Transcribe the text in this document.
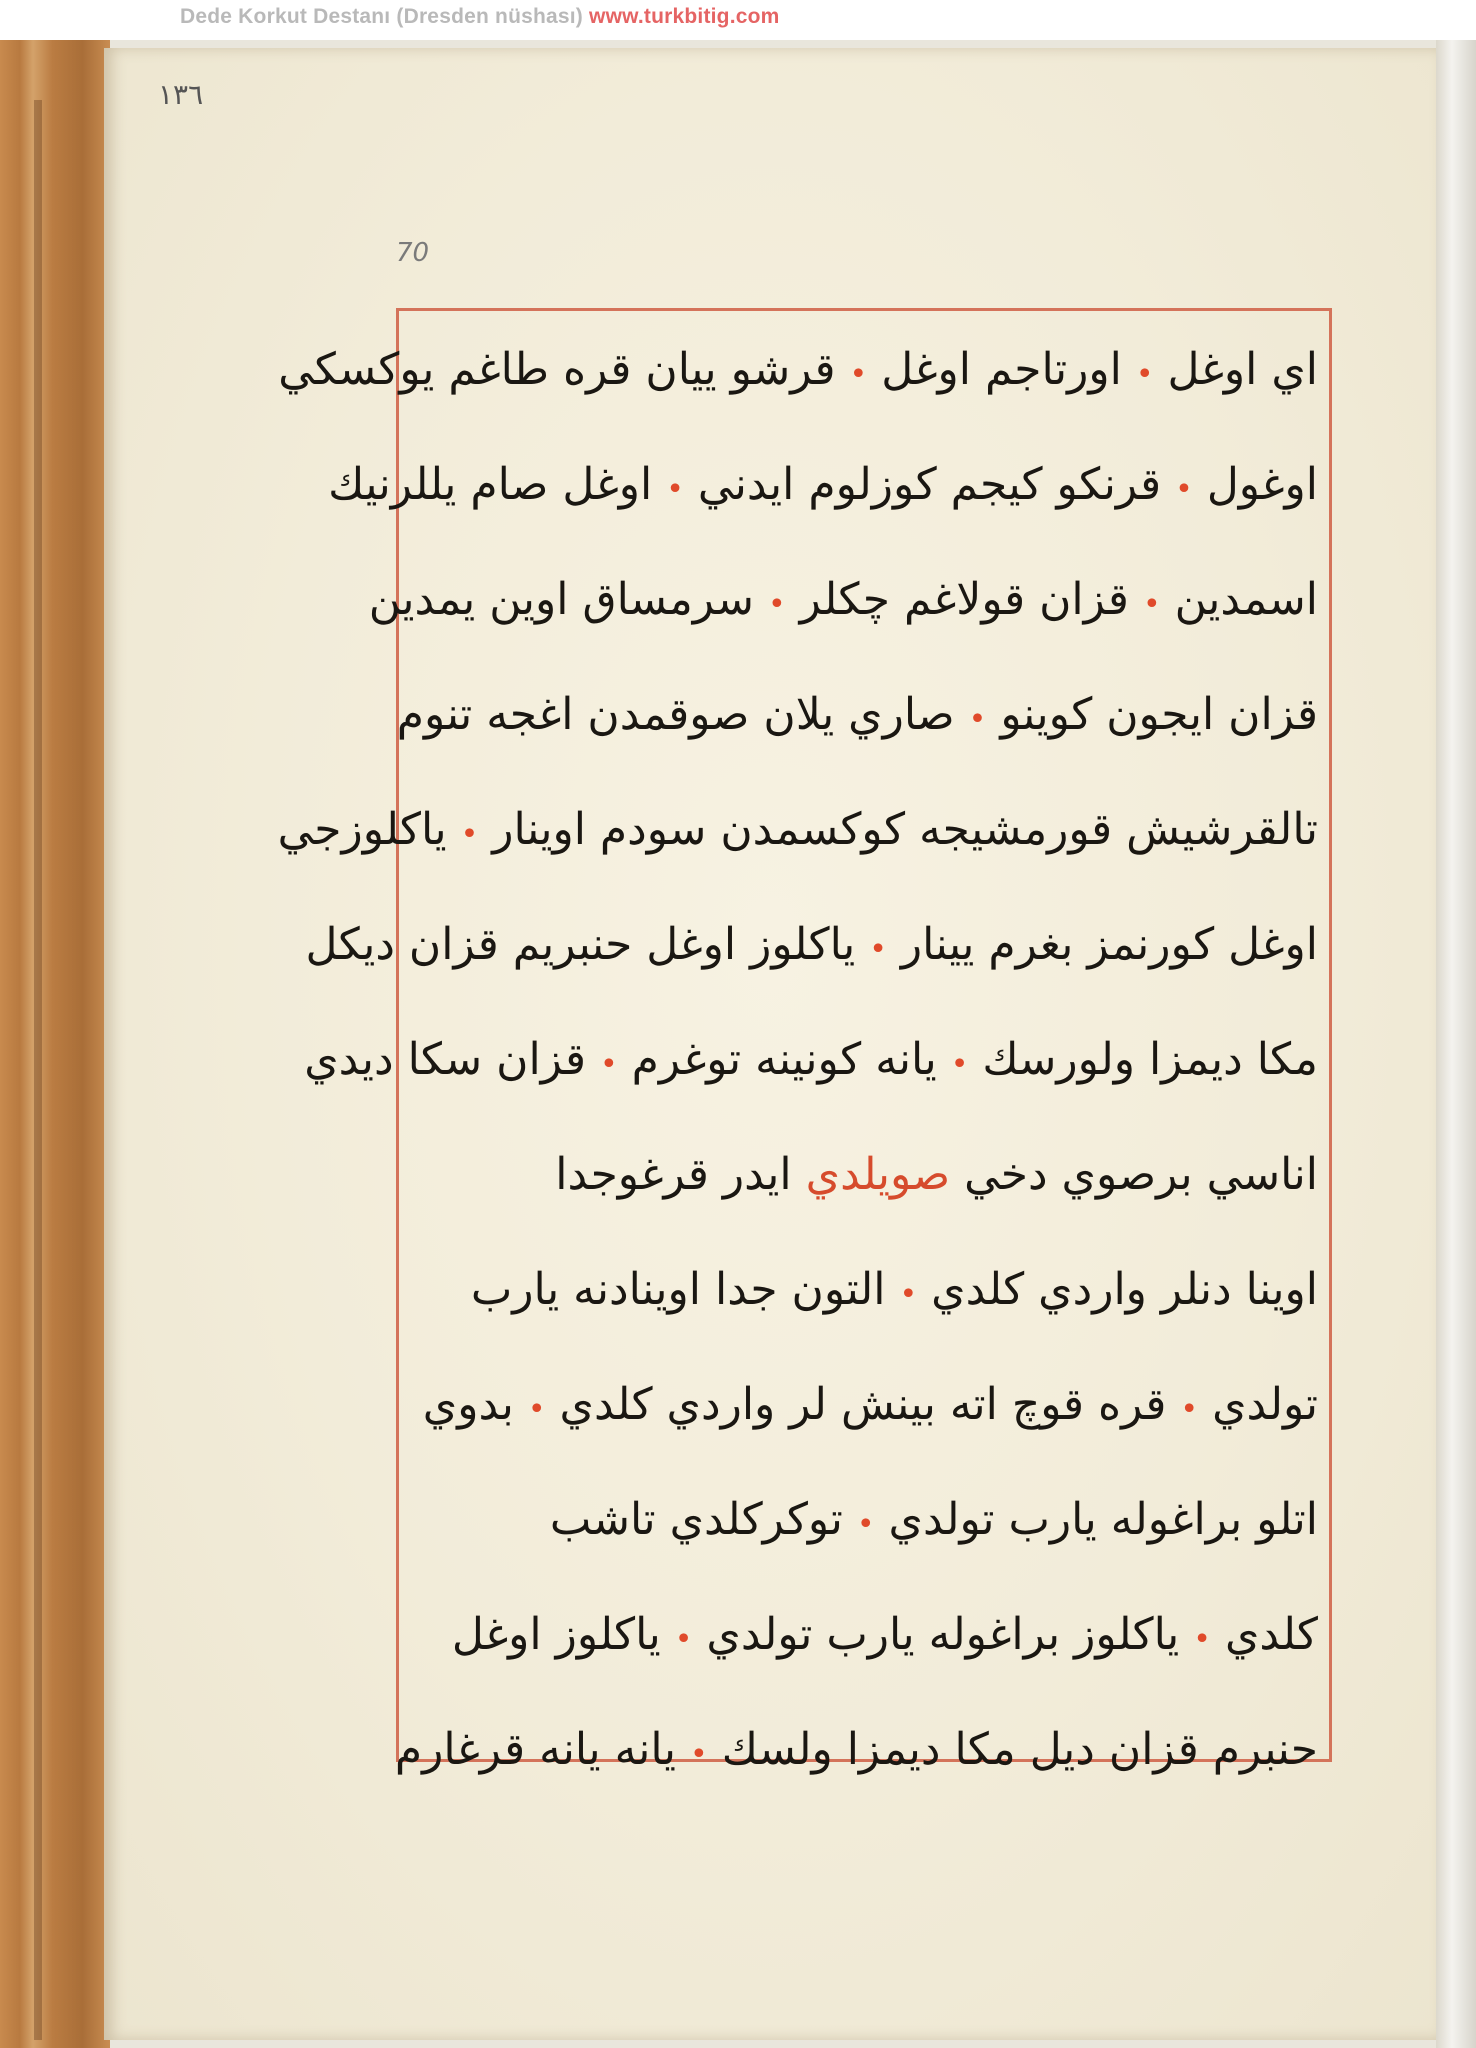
Dede Korkut Destanı (Dresden nüshası) www.turkbitig.com
١٣٦
70
اي اوغل • اورتاجم اوغل • قرشو ييان قره طاغم يوكسكي
اوغول • قرنكو كيجم كوزلوم ايدني • اوغل صام يللرنيك
اسمدين • قزان قولاغم چكلر • سرمساق اوين يمدين
قزان ايجون كوينو • صاري يلان صوقمدن اغجه تنوم
تالقرشيش قورمشيجه كوكسمدن سودم اوينار • ياكلوزجي
اوغل كورنمز بغرم يينار • ياكلوز اوغل حنبريم قزان ديكل
مكا ديمزا ولورسك • يانه كونينه توغرم • قزان سكا ديدي
اناسي برصوي دخي صويلدي ايدر قرغوجدا
اوينا دنلر واردي كلدي • التون جدا اوينادنه يارب
تولدي • قره قوچ اته بينش لر واردي كلدي • بدوي
اتلو براغوله يارب تولدي • توكركلدي تاشب
كلدي • ياكلوز براغوله يارب تولدي • ياكلوز اوغل
حنبرم قزان ديل مكا ديمزا ولسك • يانه يانه قرغارم
